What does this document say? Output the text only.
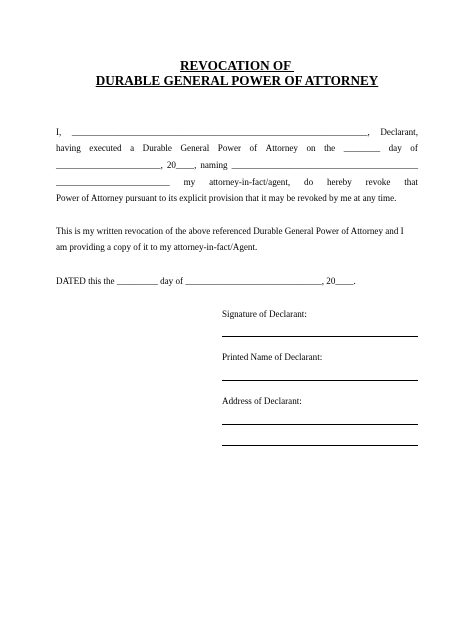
REVOCATION OF
DURABLE GENERAL POWER OF ATTORNEY
I, _________________________________________________________________, Declarant,
having executed a Durable General Power of Attorney on the ________ day of
_______________________, 20____, naming _________________________________________
_________________________ my attorney-in-fact/agent, do hereby revoke that
Power of Attorney pursuant to its explicit provision that it may be revoked by me at any time.
This is my written revocation of the above referenced Durable General Power of Attorney and I
am providing a copy of it to my attorney-in-fact/Agent.
DATED this the _________ day of ______________________________, 20____.
Signature of Declarant:
Printed Name of Declarant:
Address of Declarant:
